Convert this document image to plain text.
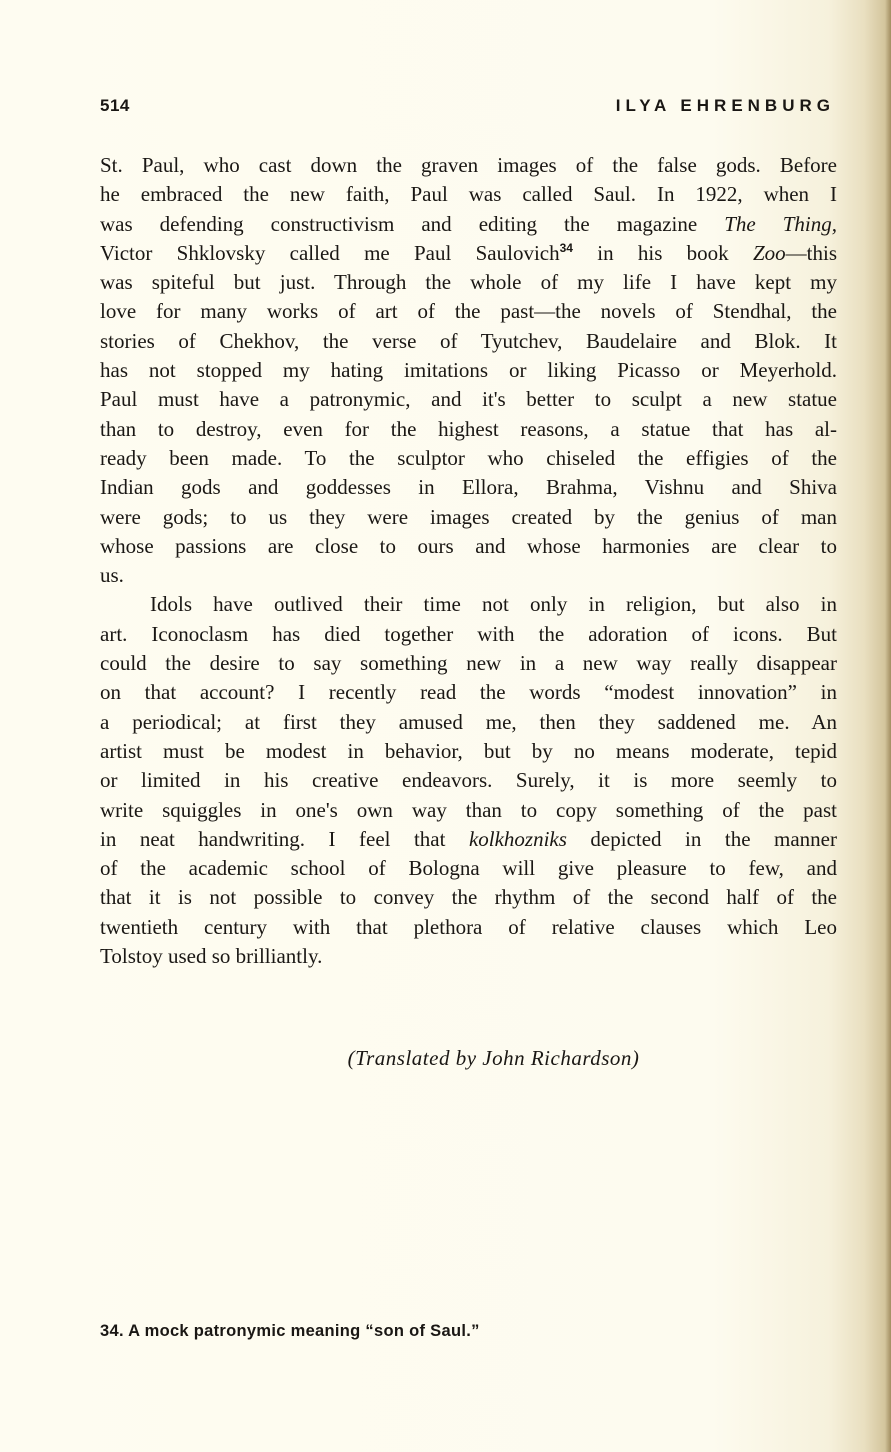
514	ILYA EHRENBURG
St. Paul, who cast down the graven images of the false gods. Before
he embraced the new faith, Paul was called Saul. In 1922, when I
was defending constructivism and editing the magazine The Thing,
Victor Shklovsky called me Paul Saulovich$^{34}$ in his book Zoo—this
was spiteful but just. Through the whole of my life I have kept my
love for many works of art of the past—the novels of Stendhal, the
stories of Chekhov, the verse of Tyutchev, Baudelaire and Blok. It
has not stopped my hating imitations or liking Picasso or Meyerhold.
Paul must have a patronymic, and it's better to sculpt a new statue
than to destroy, even for the highest reasons, a statue that has al-
ready been made. To the sculptor who chiseled the effigies of the
Indian gods and goddesses in Ellora, Brahma, Vishnu and Shiva
were gods; to us they were images created by the genius of man
whose passions are close to ours and whose harmonies are clear to
us.
Idols have outlived their time not only in religion, but also in
art. Iconoclasm has died together with the adoration of icons. But
could the desire to say something new in a new way really disappear
on that account? I recently read the words “modest innovation” in
a periodical; at first they amused me, then they saddened me. An
artist must be modest in behavior, but by no means moderate, tepid
or limited in his creative endeavors. Surely, it is more seemly to
write squiggles in one's own way than to copy something of the past
in neat handwriting. I feel that kolkhozniks depicted in the manner
of the academic school of Bologna will give pleasure to few, and
that it is not possible to convey the rhythm of the second half of the
twentieth century with that plethora of relative clauses which Leo
Tolstoy used so brilliantly.
(Translated by John Richardson)
34. A mock patronymic meaning “son of Saul.”
